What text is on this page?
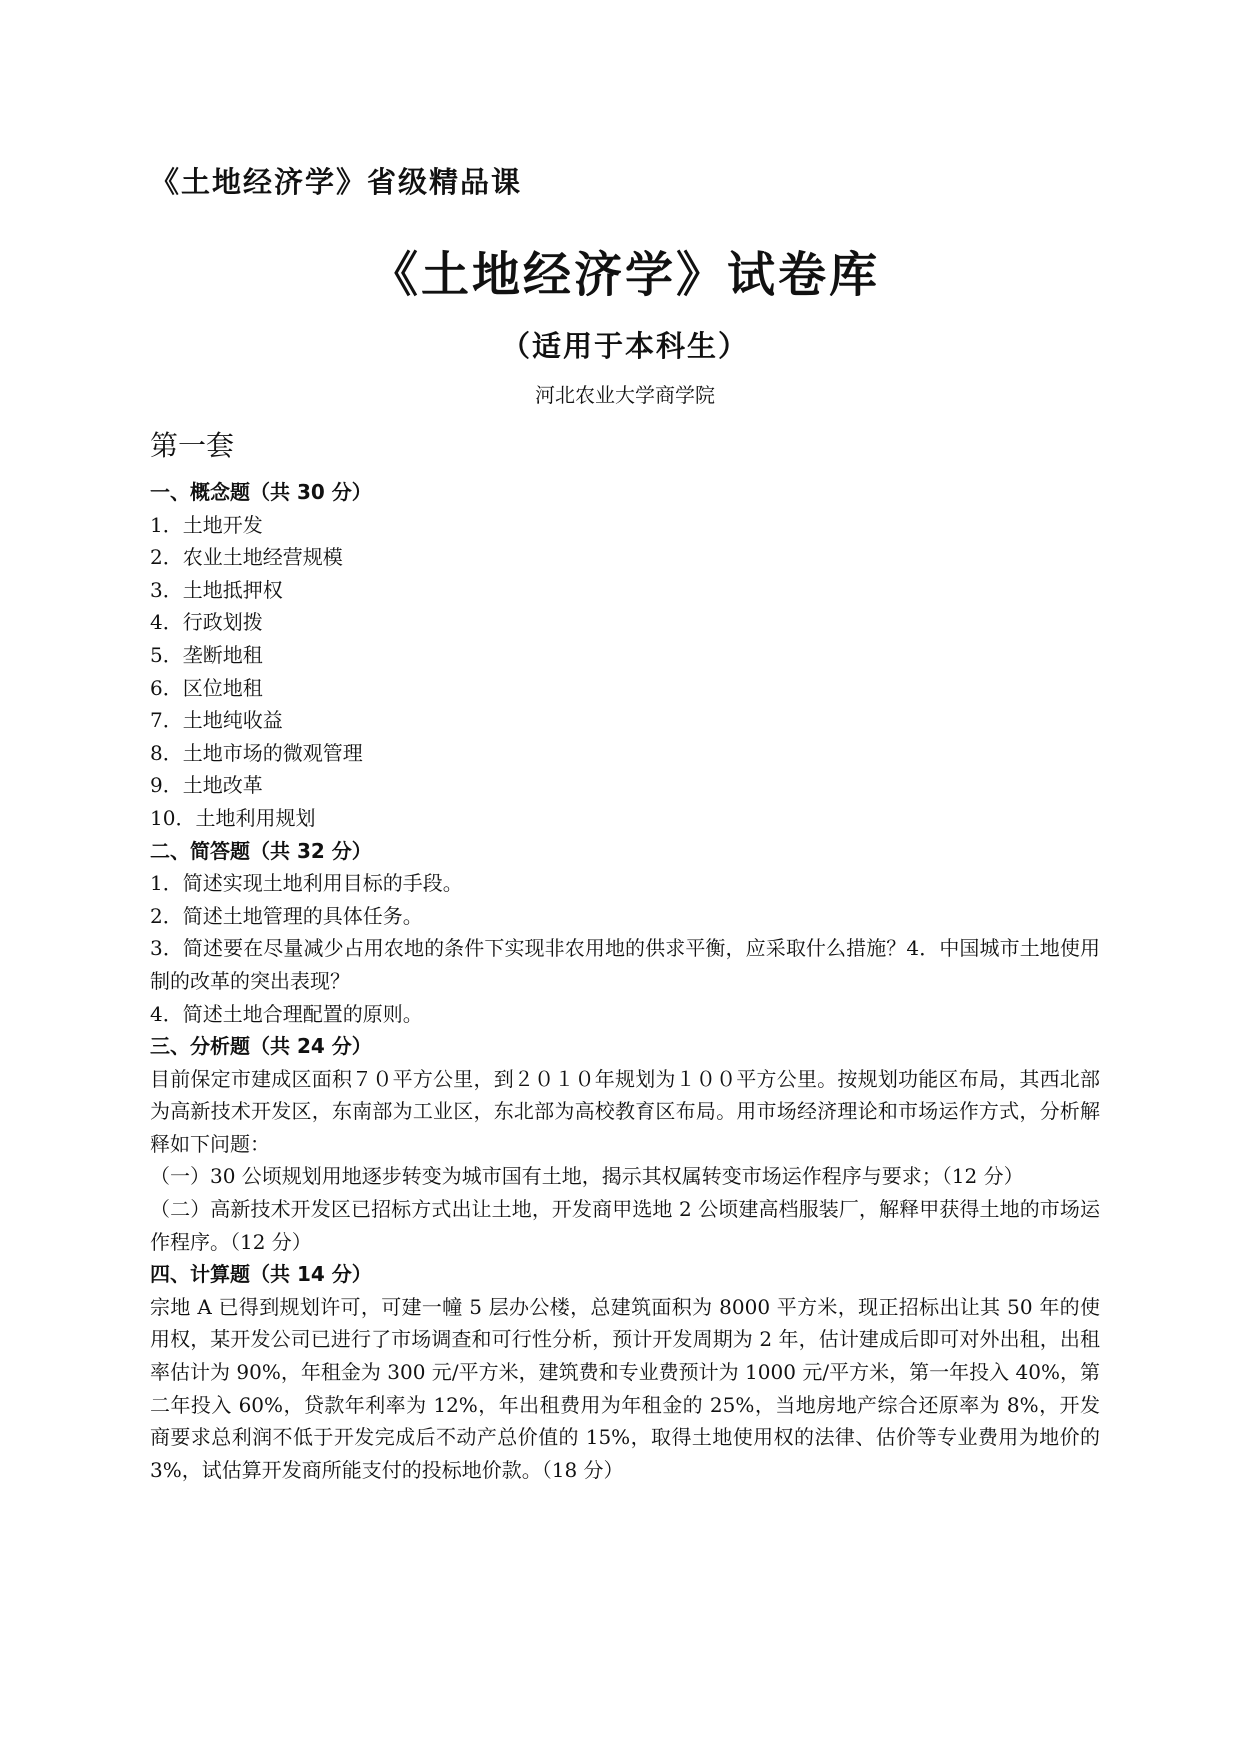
《土地经济学》省级精品课
《土地经济学》试卷库
（适用于本科生）
河北农业大学商学院
第一套
一、概念题（共 30 分）
1．土地开发
2．农业土地经营规模
3．土地抵押权
4．行政划拨
5．垄断地租
6．区位地租
7．土地纯收益
8．土地市场的微观管理
9．土地改革
10．土地利用规划
二、简答题（共 32 分）
1．简述实现土地利用目标的手段。
2．简述土地管理的具体任务。
3．简述要在尽量减少占用农地的条件下实现非农用地的供求平衡，应采取什么措施？4．中国城市土地使用制的改革的突出表现？
4．简述土地合理配置的原则。
三、分析题（共 24 分）
目前保定市建成区面积７０平方公里，到２０１０年规划为１００平方公里。按规划功能区布局，其西北部为高新技术开发区，东南部为工业区，东北部为高校教育区布局。用市场经济理论和市场运作方式，分析解释如下问题：
（一）30 公顷规划用地逐步转变为城市国有土地，揭示其权属转变市场运作程序与要求；（12 分）
（二）高新技术开发区已招标方式出让土地，开发商甲选地 2 公顷建高档服装厂，解释甲获得土地的市场运作程序。（12 分）
四、计算题（共 14 分）
宗地 A 已得到规划许可，可建一幢 5 层办公楼，总建筑面积为 8000 平方米，现正招标出让其 50 年的使用权，某开发公司已进行了市场调查和可行性分析，预计开发周期为 2 年，估计建成后即可对外出租，出租率估计为 90%，年租金为 300 元/平方米，建筑费和专业费预计为 1000 元/平方米，第一年投入 40%，第二年投入 60%，贷款年利率为 12%，年出租费用为年租金的 25%，当地房地产综合还原率为 8%，开发商要求总利润不低于开发完成后不动产总价值的 15%，取得土地使用权的法律、估价等专业费用为地价的 3%，试估算开发商所能支付的投标地价款。（18 分）
